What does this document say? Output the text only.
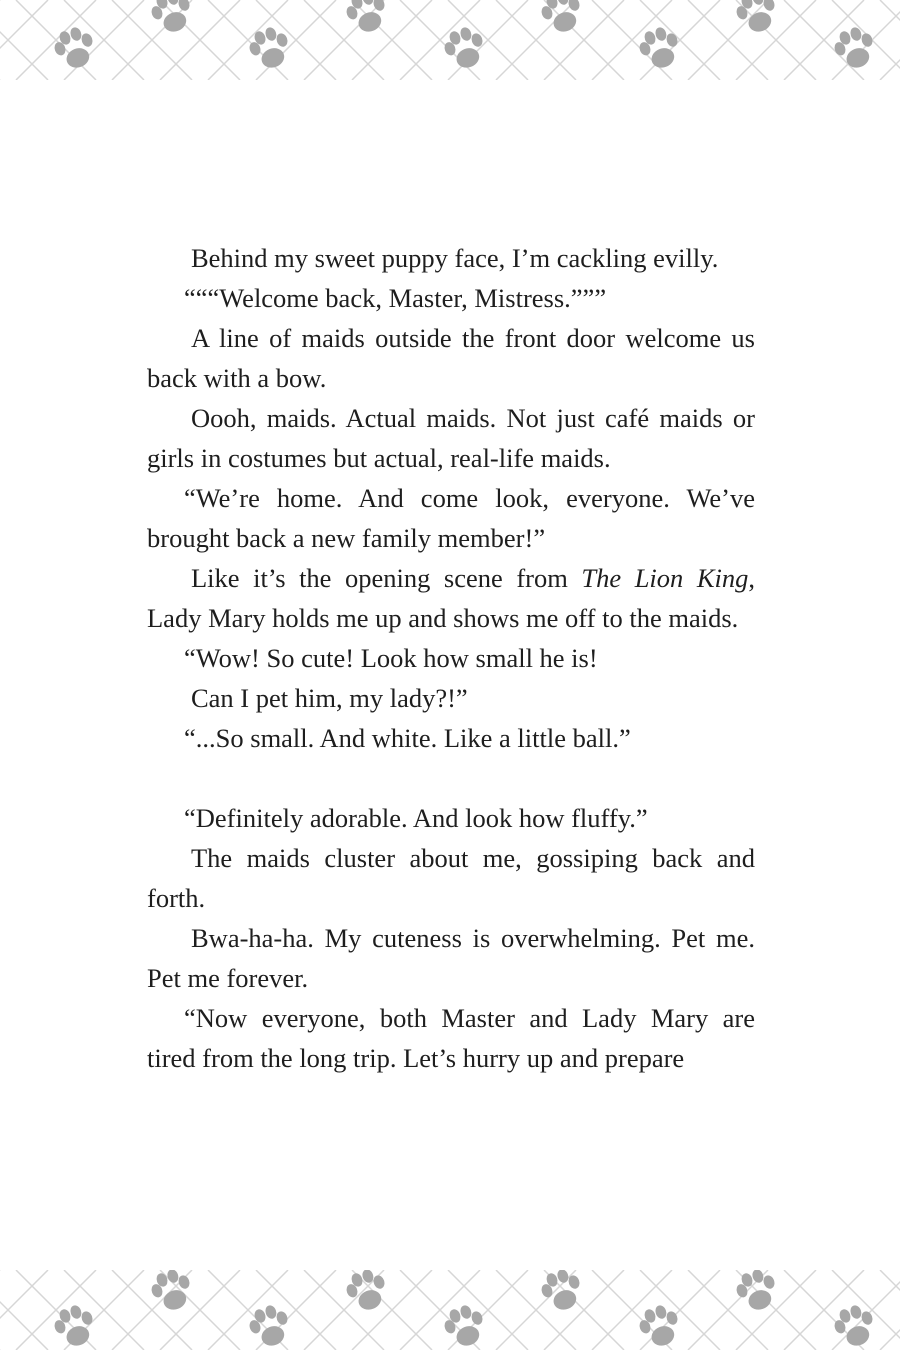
Behind my sweet puppy face, I’m cackling evilly.

“““Welcome back, Master, Mistress.”””

A line of maids outside the front door welcome us back with a bow.

Oooh, maids. Actual maids. Not just café maids or girls in costumes but actual, real-life maids.

“We’re home. And come look, everyone. We’ve brought back a new family member!”

Like it’s the opening scene from The Lion King, Lady Mary holds me up and shows me off to the maids.

“Wow! So cute! Look how small he is!

Can I pet him, my lady?!”

“...So small. And white. Like a little ball.”

“Definitely adorable. And look how fluffy.”

The maids cluster about me, gossiping back and forth.

Bwa-ha-ha. My cuteness is overwhelming. Pet me. Pet me forever.

“Now everyone, both Master and Lady Mary are tired from the long trip. Let’s hurry up and prepare
